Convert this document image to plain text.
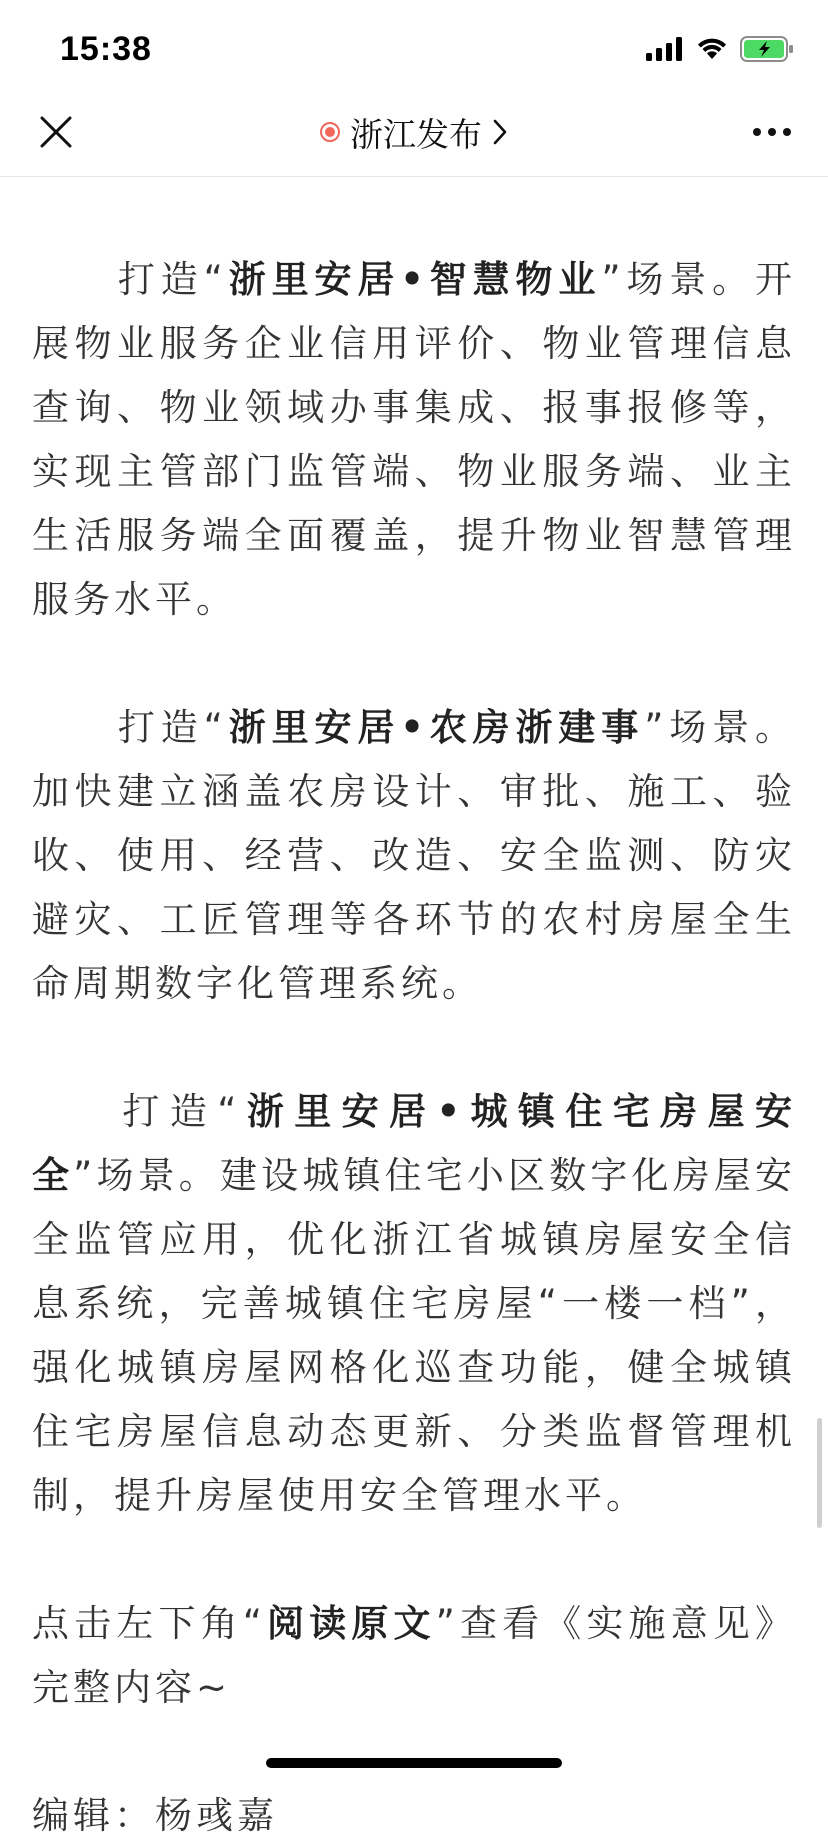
15:38
浙江发布

打造“浙里安居•智慧物业”场景。开展物业服务企业信用评价、物业管理信息查询、物业领域办事集成、报事报修等，实现主管部门监管端、物业服务端、业主生活服务端全面覆盖，提升物业智慧管理服务水平。

打造“浙里安居•农房浙建事”场景。加快建立涵盖农房设计、审批、施工、验收、使用、经营、改造、安全监测、防灾避灾、工匠管理等各环节的农村房屋全生命周期数字化管理系统。

打造“浙里安居•城镇住宅房屋安全”场景。建设城镇住宅小区数字化房屋安全监管应用，优化浙江省城镇房屋安全信息系统，完善城镇住宅房屋“一楼一档”，强化城镇房屋网格化巡查功能，健全城镇住宅房屋信息动态更新、分类监督管理机制，提升房屋使用安全管理水平。

点击左下角“阅读原文”查看《实施意见》完整内容~

编辑：杨彧嘉
